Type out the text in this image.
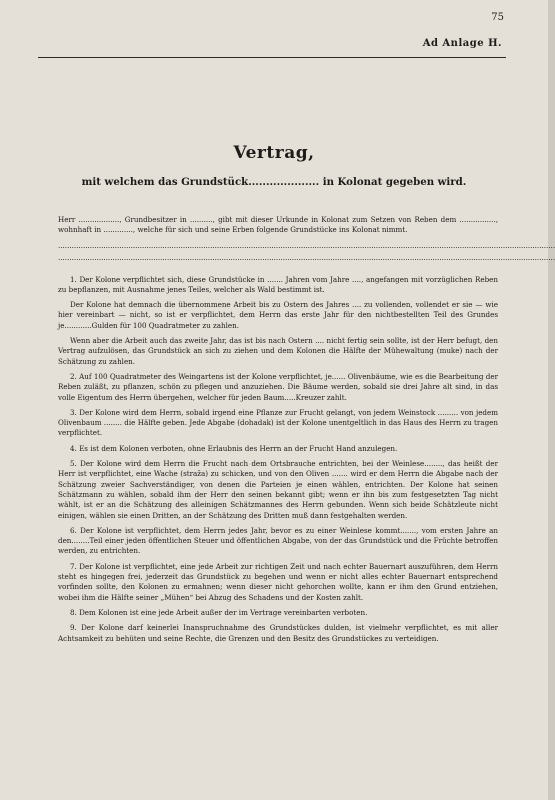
75
Ad Anlage H.
Vertrag,
mit welchem das Grundstück.................... in Kolonat gegeben wird.

Herr .................., Grundbesitzer in .........., gibt mit dieser Urkunde in Kolonat zum Setzen von Reben dem ................, wohnhaft in ............., welche für sich und seine Erben folgende Grundstücke ins Kolonat nimmt.

...........................................................................................................................................................................................................................
...........................................................................................................................................................................................................................

1. Der Kolone verpflichtet sich, diese Grundstücke in ....... Jahren vom Jahre ...., angefangen mit vorzüglichen Reben zu bepflanzen, mit Ausnahme jenes Teiles, welcher als Wald bestimmt ist.

Der Kolone hat demnach die übernommene Arbeit bis zu Ostern des Jahres .... zu vollenden, vollendet er sie — wie hier vereinbart — nicht, so ist er verpflichtet, dem Herrn das erste Jahr für den nichtbestellten Teil des Grundes je............Gulden für 100 Quadratmeter zu zahlen.

Wenn aber die Arbeit auch das zweite Jahr, das ist bis nach Ostern .... nicht fertig sein sollte, ist der Herr befugt, den Vertrag aufzulösen, das Grundstück an sich zu ziehen und dem Kolonen die Hälfte der Mühewaltung (muke) nach der Schätzung zu zahlen.

2. Auf 100 Quadratmeter des Weingartens ist der Kolone verpflichtet, je...... Olivenbäume, wie es die Bearbeitung der Reben zuläßt, zu pflanzen, schön zu pflegen und anzuziehen. Die Bäume werden, sobald sie drei Jahre alt sind, in das volle Eigentum des Herrn übergehen, welcher für jeden Baum.....Kreuzer zahlt.

3. Der Kolone wird dem Herrn, sobald irgend eine Pflanze zur Frucht gelangt, von jedem Weinstock ......... von jedem Olivenbaum ........ die Hälfte geben. Jede Abgabe (dohadak) ist der Kolone unentgeltlich in das Haus des Herrn zu tragen verpflichtet.

4. Es ist dem Kolonen verboten, ohne Erlaubnis des Herrn an der Frucht Hand anzulegen.

5. Der Kolone wird dem Herrn die Frucht nach dem Ortsbrauche entrichten, bei der Weinlese........, das heißt der Herr ist verpflichtet, eine Wache (straža) zu schicken, und von den Oliven ....... wird er dem Herrn die Abgabe nach der Schätzung zweier Sachverständiger, von denen die Parteien je einen wählen, entrichten. Der Kolone hat seinen Schätzmann zu wählen, sobald ihm der Herr den seinen bekannt gibt; wenn er ihn bis zum festgesetzten Tag nicht wählt, ist er an die Schätzung des alleinigen Schätzmannes des Herrn gebunden. Wenn sich beide Schätzleute nicht einigen, wählen sie einen Dritten, an der Schätzung des Dritten muß dann festgehalten werden.

6. Der Kolone ist verpflichtet, dem Herrn jedes Jahr, bevor es zu einer Weinlese kommt......., vom ersten Jahre an den........Teil einer jeden öffentlichen Steuer und öffentlichen Abgabe, von der das Grundstück und die Früchte betroffen werden, zu entrichten.

7. Der Kolone ist verpflichtet, eine jede Arbeit zur richtigen Zeit und nach echter Bauernart auszuführen, dem Herrn steht es hingegen frei, jederzeit das Grundstück zu begehen und wenn er nicht alles echter Bauernart entsprechend vorfinden sollte, den Kolonen zu ermahnen; wenn dieser nicht gehorchen wollte, kann er ihm den Grund entziehen, wobei ihm die Hälfte seiner „Mühen“ bei Abzug des Schadens und der Kosten zahlt.

8. Dem Kolonen ist eine jede Arbeit außer der im Vertrage vereinbarten verboten.

9. Der Kolone darf keinerlei Inanspruchnahme des Grundstückes dulden, ist vielmehr verpflichtet, es mit aller Achtsamkeit zu behüten und seine Rechte, die Grenzen und den Besitz des Grundstückes zu verteidigen.
